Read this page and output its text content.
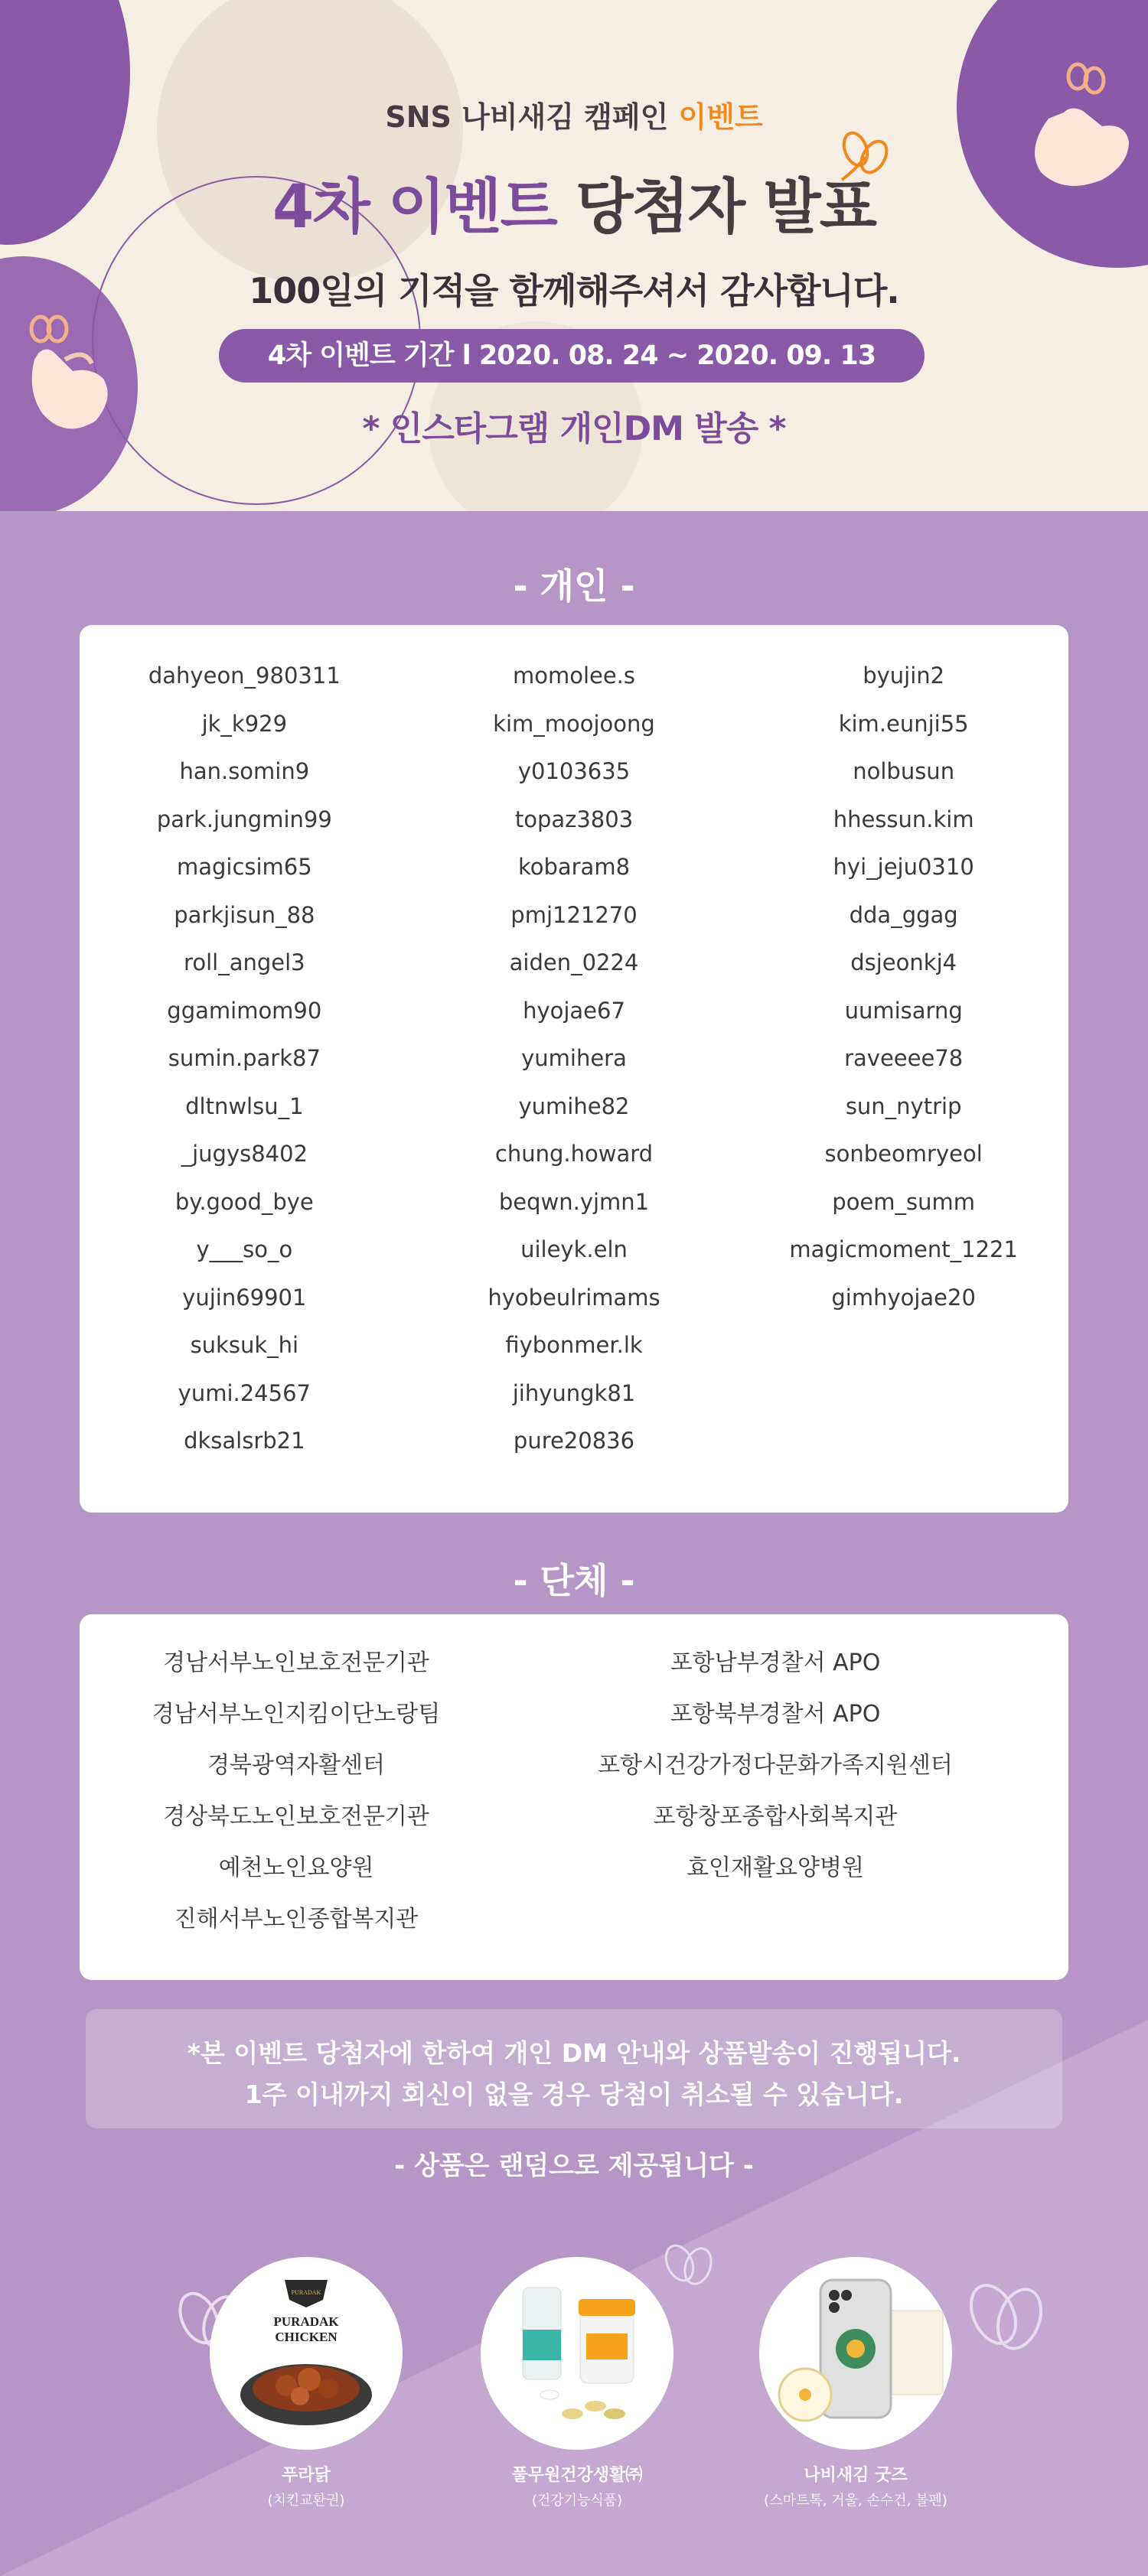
SNS 나비새김 캠페인 이벤트
4차 이벤트 당첨자 발표
100일의 기적을 함께해주셔서 감사합니다.
4차 이벤트 기간 l 2020. 08. 24 ~ 2020. 09. 13
* 인스타그램 개인DM 발송 *
- 개인 -
dahyeon_980311	momolee.s	byujin2
jk_k929	kim_moojoong	kim.eunji55
han.somin9	y0103635	nolbusun
park.jungmin99	topaz3803	hhessun.kim
magicsim65	kobaram8	hyi_jeju0310
parkjisun_88	pmj121270	dda_ggag
roll_angel3	aiden_0224	dsjeonkj4
ggamimom90	hyojae67	uumisarng
sumin.park87	yumihera	raveeee78
dltnwlsu_1	yumihe82	sun_nytrip
_jugys8402	chung.howard	sonbeomryeol
by.good_bye	beqwn.yjmn1	poem_summ
y___so_o	uileyk.eln	magicmoment_1221
yujin69901	hyobeulrimams	gimhyojae20
suksuk_hi	fiybonmer.lk
yumi.24567	jihyungk81
dksalsrb21	pure20836
- 단체 -
경남서부노인보호전문기관	포항남부경찰서 APO
경남서부노인지킴이단노랑팀	포항북부경찰서 APO
경북광역자활센터	포항시건강가정다문화가족지원센터
경상북도노인보호전문기관	포항창포종합사회복지관
예천노인요양원	효인재활요양병원
진해서부노인종합복지관
*본 이벤트 당첨자에 한하여 개인 DM 안내와 상품발송이 진행됩니다.
1주 이내까지 회신이 없을 경우 당첨이 취소될 수 있습니다.
- 상품은 랜덤으로 제공됩니다 -
PURADAK
PURADAK
CHICKEN
푸라닭
(치킨교환권)
풀무원건강생활㈜
(건강기능식품)
나비새김 굿즈
(스마트톡, 거울, 손수건, 볼펜)
